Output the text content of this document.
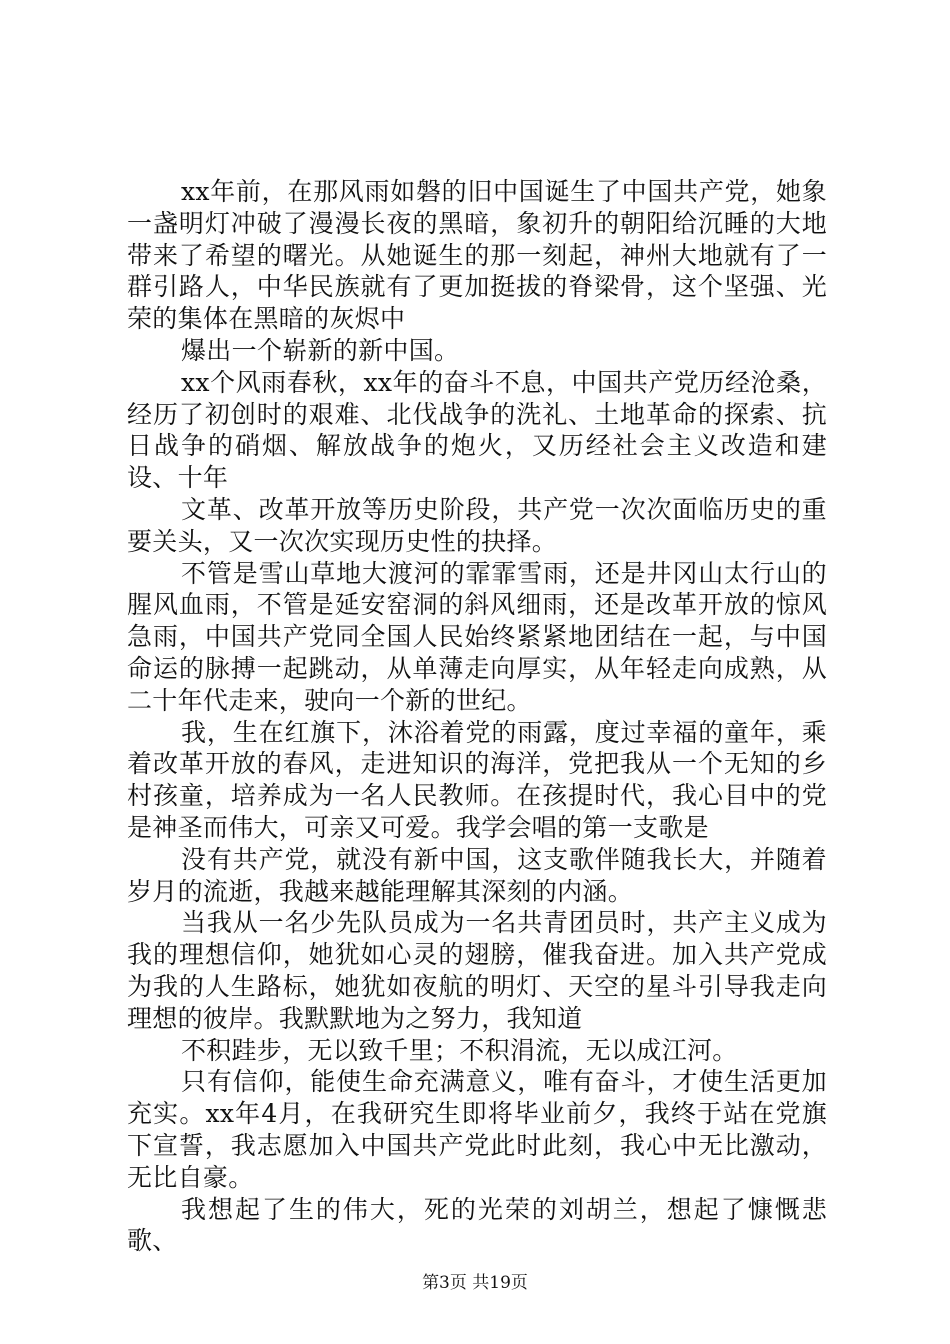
xx年前，在那风雨如磐的旧中国诞生了中国共产党，她象一盏明灯冲破了漫漫长夜的黑暗，象初升的朝阳给沉睡的大地带来了希望的曙光。从她诞生的那一刻起，神州大地就有了一群引路人，中华民族就有了更加挺拔的脊梁骨，这个坚强、光荣的集体在黑暗的灰烬中

爆出一个崭新的新中国。

xx个风雨春秋，xx年的奋斗不息，中国共产党历经沧桑，经历了初创时的艰难、北伐战争的洗礼、土地革命的探索、抗日战争的硝烟、解放战争的炮火，又历经社会主义改造和建设、十年

文革、改革开放等历史阶段，共产党一次次面临历史的重要关头，又一次次实现历史性的抉择。

不管是雪山草地大渡河的霏霏雪雨，还是井冈山太行山的腥风血雨，不管是延安窑洞的斜风细雨，还是改革开放的惊风急雨，中国共产党同全国人民始终紧紧地团结在一起，与中国命运的脉搏一起跳动，从单薄走向厚实，从年轻走向成熟，从二十年代走来，驶向一个新的世纪。

我，生在红旗下，沐浴着党的雨露，度过幸福的童年，乘着改革开放的春风，走进知识的海洋，党把我从一个无知的乡村孩童，培养成为一名人民教师。在孩提时代，我心目中的党是神圣而伟大，可亲又可爱。我学会唱的第一支歌是

没有共产党，就没有新中国，这支歌伴随我长大，并随着岁月的流逝，我越来越能理解其深刻的内涵。

当我从一名少先队员成为一名共青团员时，共产主义成为我的理想信仰，她犹如心灵的翅膀，催我奋进。加入共产党成为我的人生路标，她犹如夜航的明灯、天空的星斗引导我走向理想的彼岸。我默默地为之努力，我知道

不积跬步，无以致千里；不积涓流，无以成江河。

只有信仰，能使生命充满意义，唯有奋斗，才使生活更加充实。xx年4月，在我研究生即将毕业前夕，我终于站在党旗下宣誓，我志愿加入中国共产党此时此刻，我心中无比激动，无比自豪。

我想起了生的伟大，死的光荣的刘胡兰，想起了慷慨悲歌、

第3页 共19页
